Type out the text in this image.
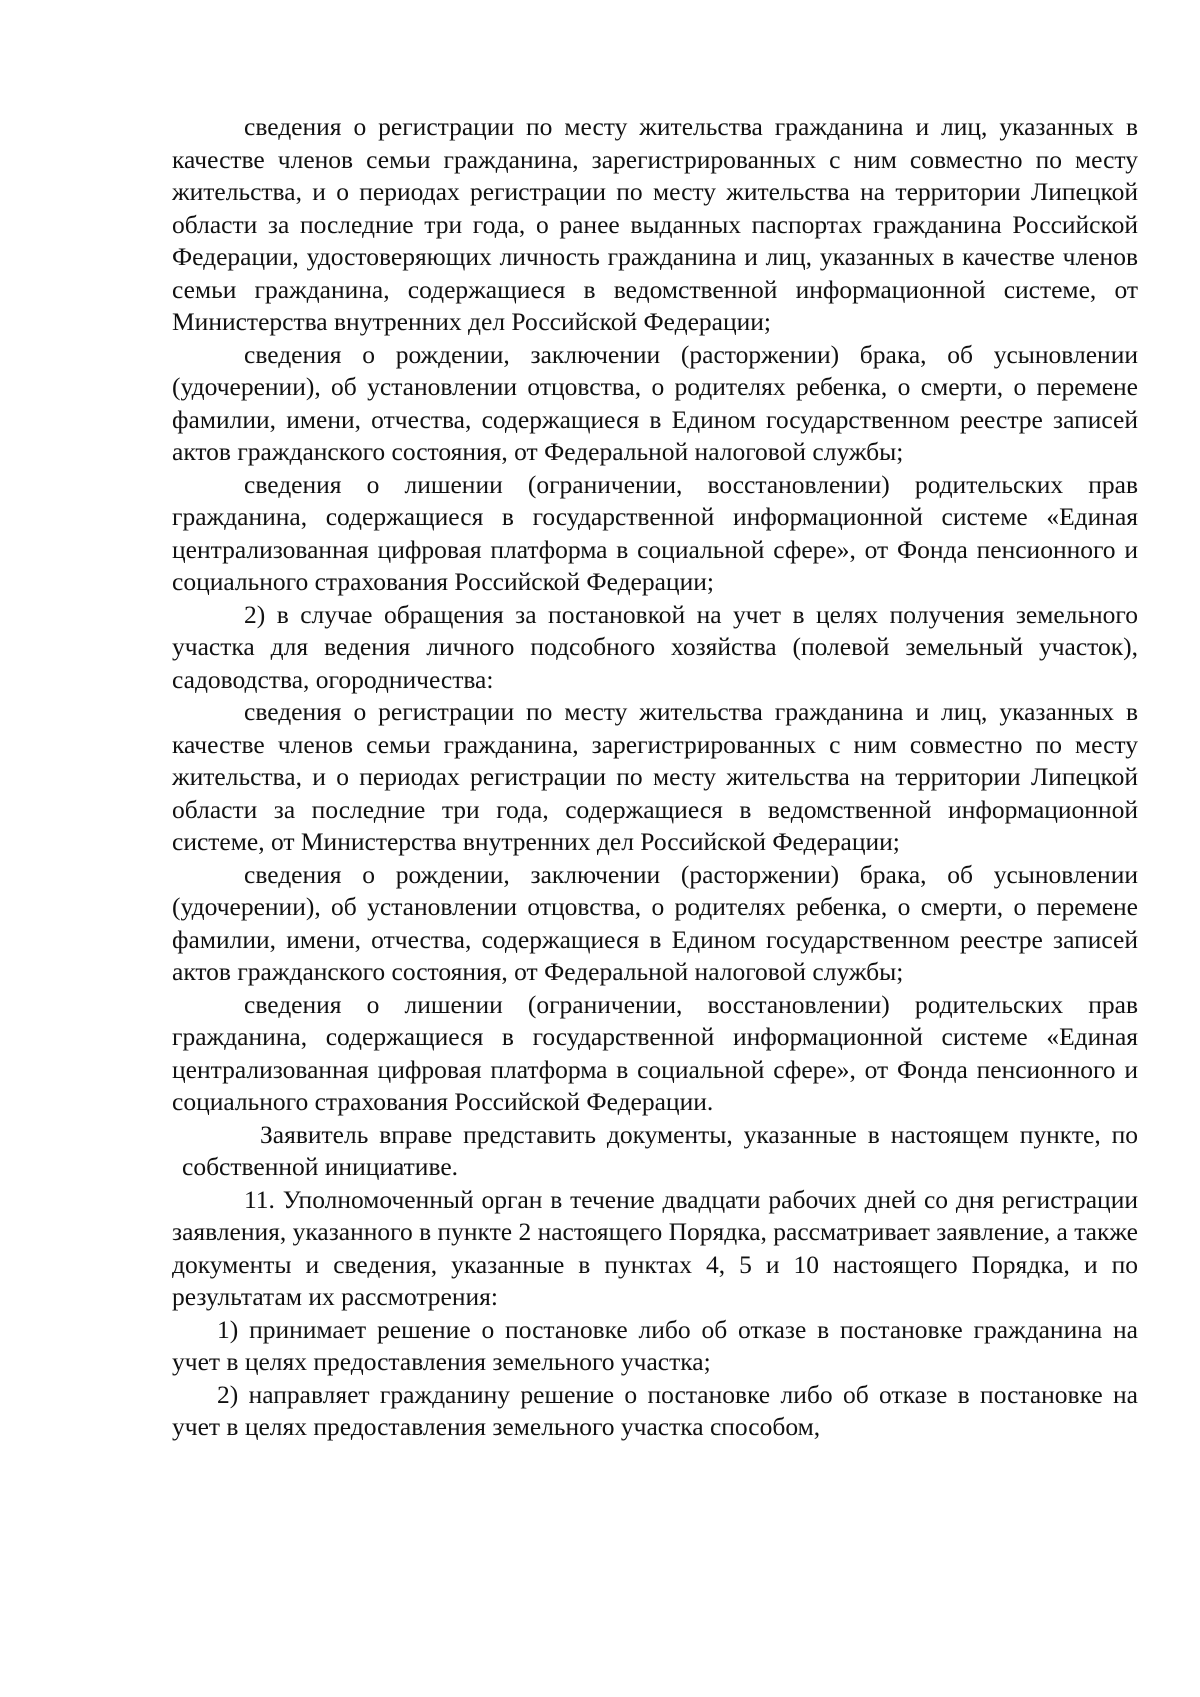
сведения о регистрации по месту жительства гражданина и лиц, указанных в качестве членов семьи гражданина, зарегистрированных с ним совместно по месту жительства, и о периодах регистрации по месту жительства на территории Липецкой области за последние три года, о ранее выданных паспортах гражданина Российской Федерации, удостоверяющих личность гражданина и лиц, указанных в качестве членов семьи гражданина, содержащиеся в ведомственной информационной системе, от Министерства внутренних дел Российской Федерации;

сведения о рождении, заключении (расторжении) брака, об усыновлении (удочерении), об установлении отцовства, о родителях ребенка, о смерти, о перемене фамилии, имени, отчества, содержащиеся в Едином государственном реестре записей актов гражданского состояния, от Федеральной налоговой службы;

сведения о лишении (ограничении, восстановлении) родительских прав гражданина, содержащиеся в государственной информационной системе «Единая централизованная цифровая платформа в социальной сфере», от Фонда пенсионного и социального страхования Российской Федерации;

2) в случае обращения за постановкой на учет в целях получения земельного участка для ведения личного подсобного хозяйства (полевой земельный участок), садоводства, огородничества:

сведения о регистрации по месту жительства гражданина и лиц, указанных в качестве членов семьи гражданина, зарегистрированных с ним совместно по месту жительства, и о периодах регистрации по месту жительства на территории Липецкой области за последние три года, содержащиеся в ведомственной информационной системе, от Министерства внутренних дел Российской Федерации;

сведения о рождении, заключении (расторжении) брака, об усыновлении (удочерении), об установлении отцовства, о родителях ребенка, о смерти, о перемене фамилии, имени, отчества, содержащиеся в Едином государственном реестре записей актов гражданского состояния, от Федеральной налоговой службы;

сведения о лишении (ограничении, восстановлении) родительских прав гражданина, содержащиеся в государственной информационной системе «Единая централизованная цифровая платформа в социальной сфере», от Фонда пенсионного и социального страхования Российской Федерации.

Заявитель вправе представить документы, указанные в настоящем пункте, по собственной инициативе.

11. Уполномоченный орган в течение двадцати рабочих дней со дня регистрации заявления, указанного в пункте 2 настоящего Порядка, рассматривает заявление, а также документы и сведения, указанные в пунктах 4, 5 и 10 настоящего Порядка, и по результатам их рассмотрения:

1) принимает решение о постановке либо об отказе в постановке гражданина на учет в целях предоставления земельного участка;

2) направляет гражданину решение о постановке либо об отказе в постановке на учет в целях предоставления земельного участка способом,
